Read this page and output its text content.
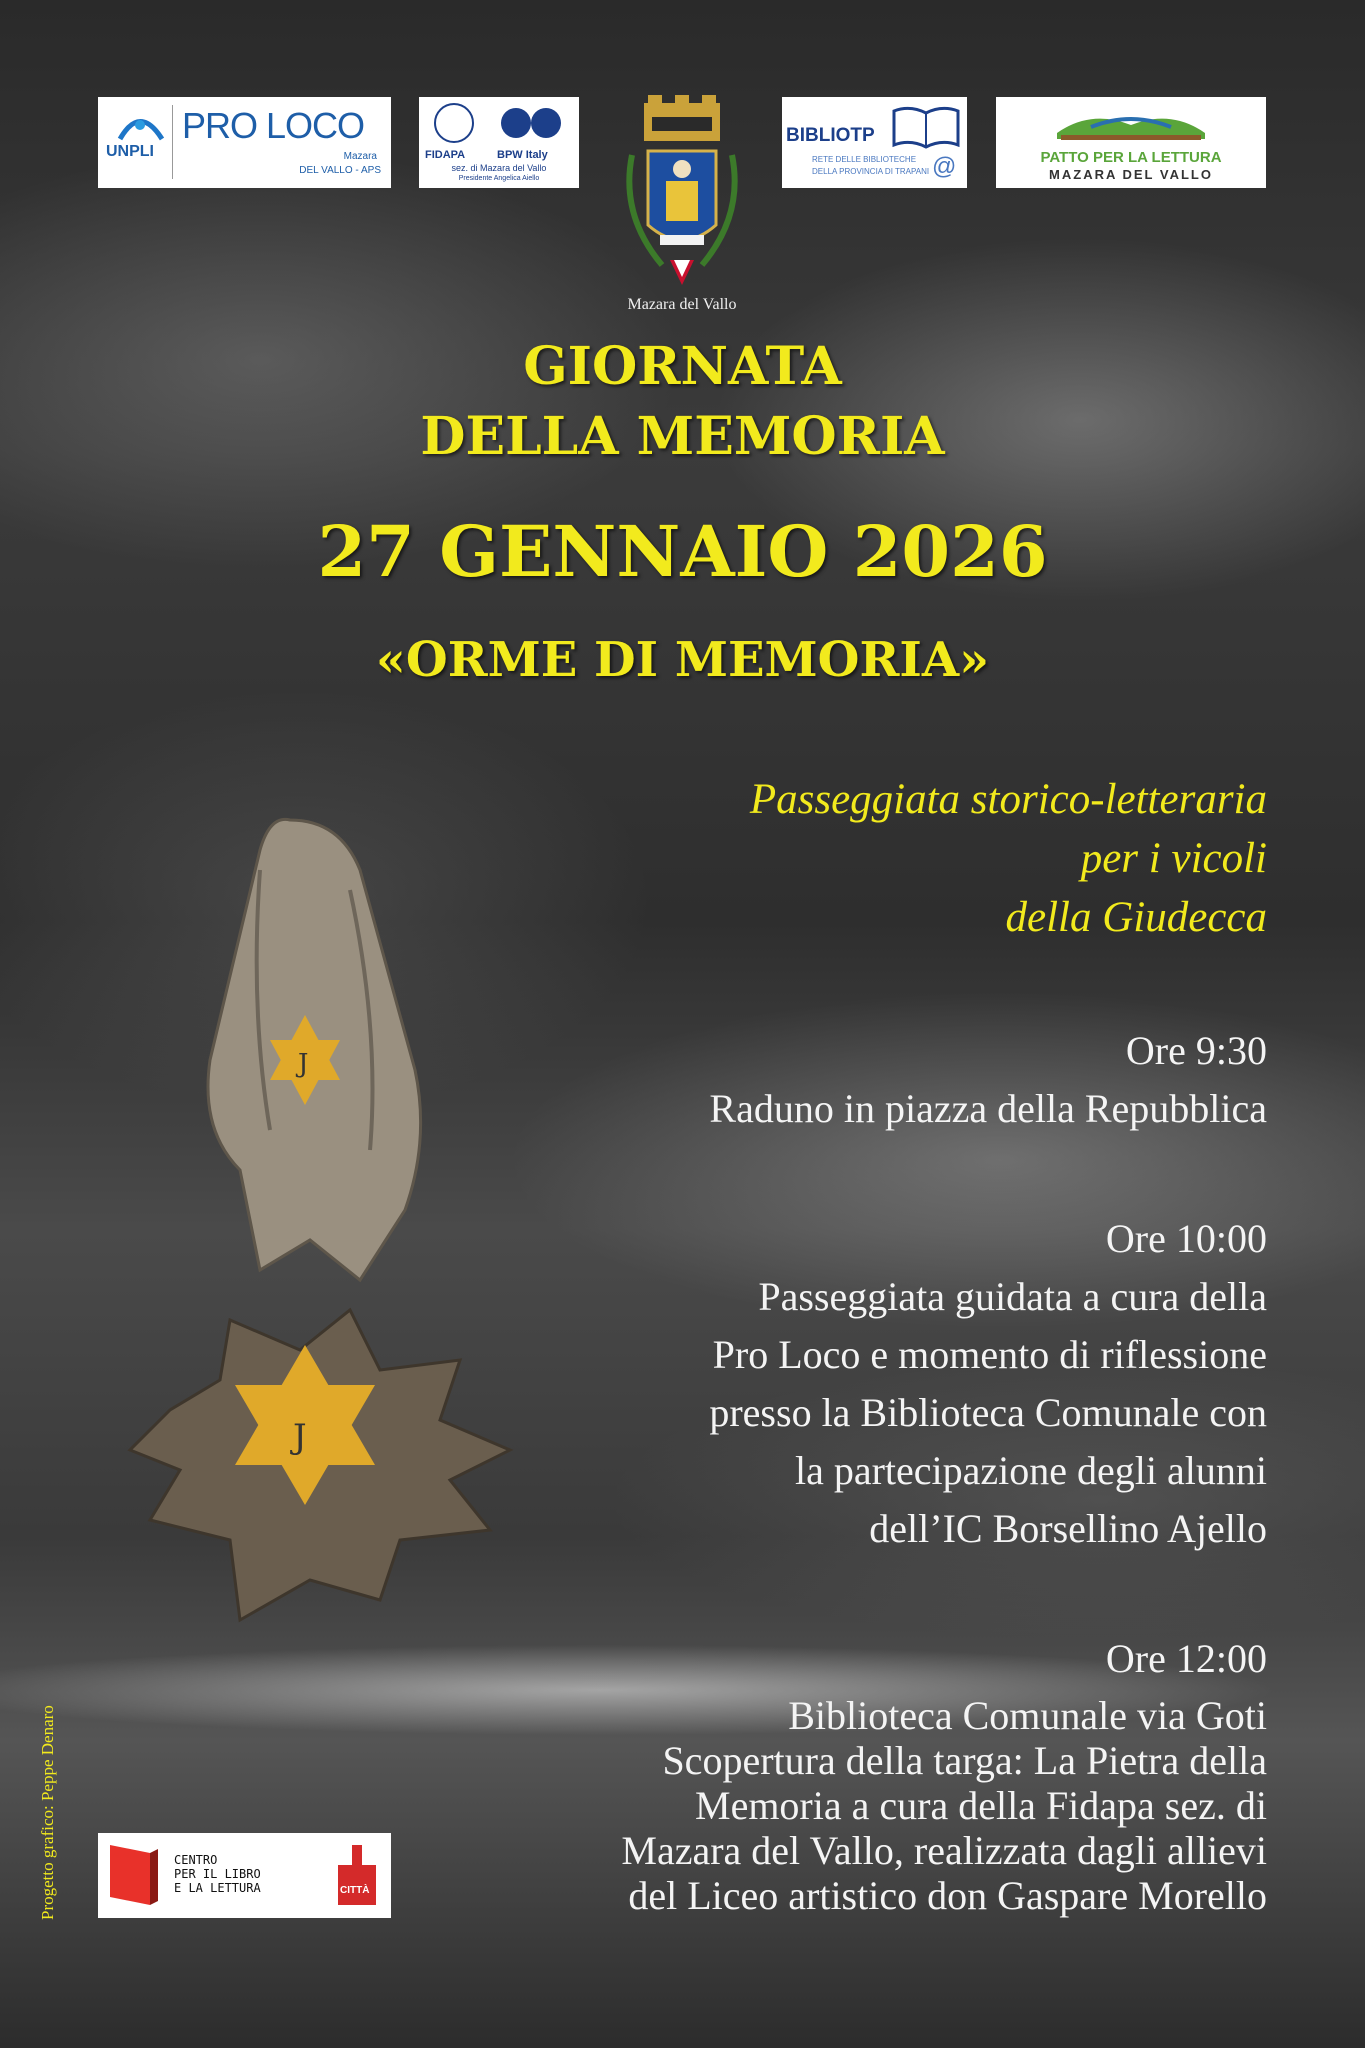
UNPLI
PRO LOCO
Mazara
DEL VALLO - APS
FIDAPA	BPW Italy
sez. di Mazara del Vallo
Presidente Angelica Aiello
Mazara del Vallo
BIBLIOTP
RETE DELLE BIBLIOTECHE
DELLA PROVINCIA DI TRAPANI @	PATTO PER LA LETTURA
MAZARA DEL VALLO
GIORNATA
DELLA MEMORIA
27 GENNAIO 2026
«ORME DI MEMORIA»
Passeggiata storico-letteraria
per i vicoli
della Giudecca
Ore 9:30
Raduno in piazza della Repubblica
Ore 10:00
Passeggiata guidata a cura della
Pro Loco e momento di riflessione
presso la Biblioteca Comunale con
la partecipazione degli alunni
dell’IC Borsellino Ajello
Ore 12:00
Biblioteca Comunale via Goti
Scopertura della targa: La Pietra della
Memoria a cura della Fidapa sez. di
Mazara del Vallo, realizzata dagli allievi
del Liceo artistico don Gaspare Morello
J
J
CENTRO
PER IL LIBRO
E LA LETTURA	CITTÀ
Progetto grafico: Peppe Denaro
